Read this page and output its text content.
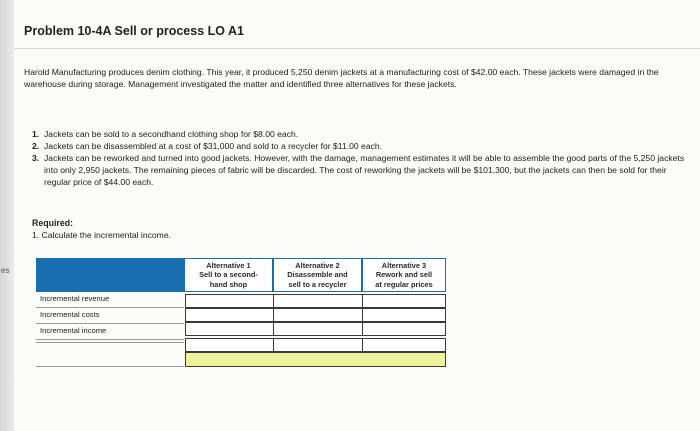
es
Problem 10-4A Sell or process LO A1
Harold Manufacturing produces denim clothing. This year, it produced 5,250 denim jackets at a manufacturing cost of $42.00 each. These jackets were damaged in the warehouse during storage. Management investigated the matter and identified three alternatives for these jackets.
1. Jackets can be sold to a secondhand clothing shop for $8.00 each.
2. Jackets can be disassembled at a cost of $31,000 and sold to a recycler for $11.00 each.
3. Jackets can be reworked and turned into good jackets. However, with the damage, management estimates it will be able to assemble the good parts of the 5,250 jackets into only 2,950 jackets. The remaining pieces of fabric will be discarded. The cost of reworking the jackets will be $101,300, but the jackets can then be sold for their regular price of $44.00 each.
Required:
1. Calculate the incremental income.
Alternative 1
Sell to a second-
hand shop
Alternative 2
Disassemble and
sell to a recycler
Alternative 3
Rework and sell
at regular prices
Incremental revenue
Incremental costs
Incremental income
